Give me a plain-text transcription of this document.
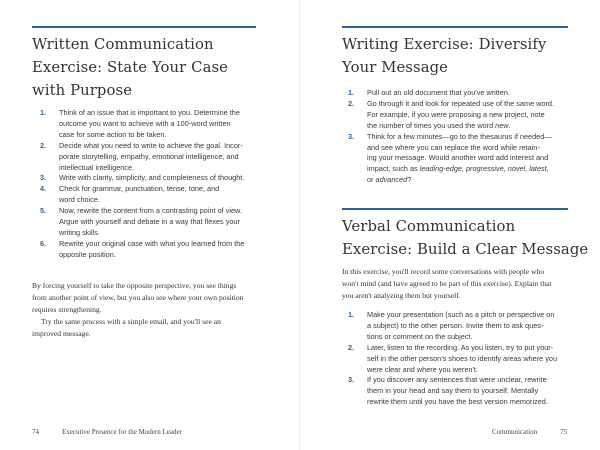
Written Communication
Exercise: State Your Case
with Purpose
1. Think of an issue that is important to you. Determine the
outcome you want to achieve with a 100-word written
case for some action to be taken.
2. Decide what you need to write to achieve the goal. Incor-
porate storytelling, empathy, emotional intelligence, and
intellectual intelligence.
3. Write with clarity, simplicity, and completeness of thought.
4. Check for grammar, punctuation, tense, tone, and
word choice.
5. Now, rewrite the content from a contrasting point of view.
Argue with yourself and debate in a way that flexes your
writing skills.
6. Rewrite your original case with what you learned from the
opposite position.

By forcing yourself to take the opposite perspective, you see things
from another point of view, but you also see where your own position
requires strengthening.

Try the same process with a simple email, and you'll see an
improved message.

74	Executive Presence for the Modern Leader

Writing Exercise: Diversify
Your Message
1. Pull out an old document that you've written.
2. Go through it and look for repeated use of the same word.
For example, if you were proposing a new project, note
the number of times you used the word new.
3. Think for a few minutes—go to the thesaurus if needed—
and see where you can replace the word while retain-
ing your message. Would another word add interest and
impact, such as leading-edge, progressive, novel, latest,
or advanced?
Verbal Communication
Exercise: Build a Clear Message

In this exercise, you'll record some conversations with people who
won't mind (and have agreed to be part of this exercise). Explain that
you aren't analyzing them but yourself.

1. Make your presentation (such as a pitch or perspective on
a subject) to the other person. Invite them to ask ques-
tions or comment on the subject.
2. Later, listen to the recording. As you listen, try to put your-
self in the other person's shoes to identify areas where you
were clear and where you weren't.
3. If you discover any sentences that were unclear, rewrite
them in your head and say them to yourself. Mentally
rewrite them until you have the best version memorized.

Communication	75
